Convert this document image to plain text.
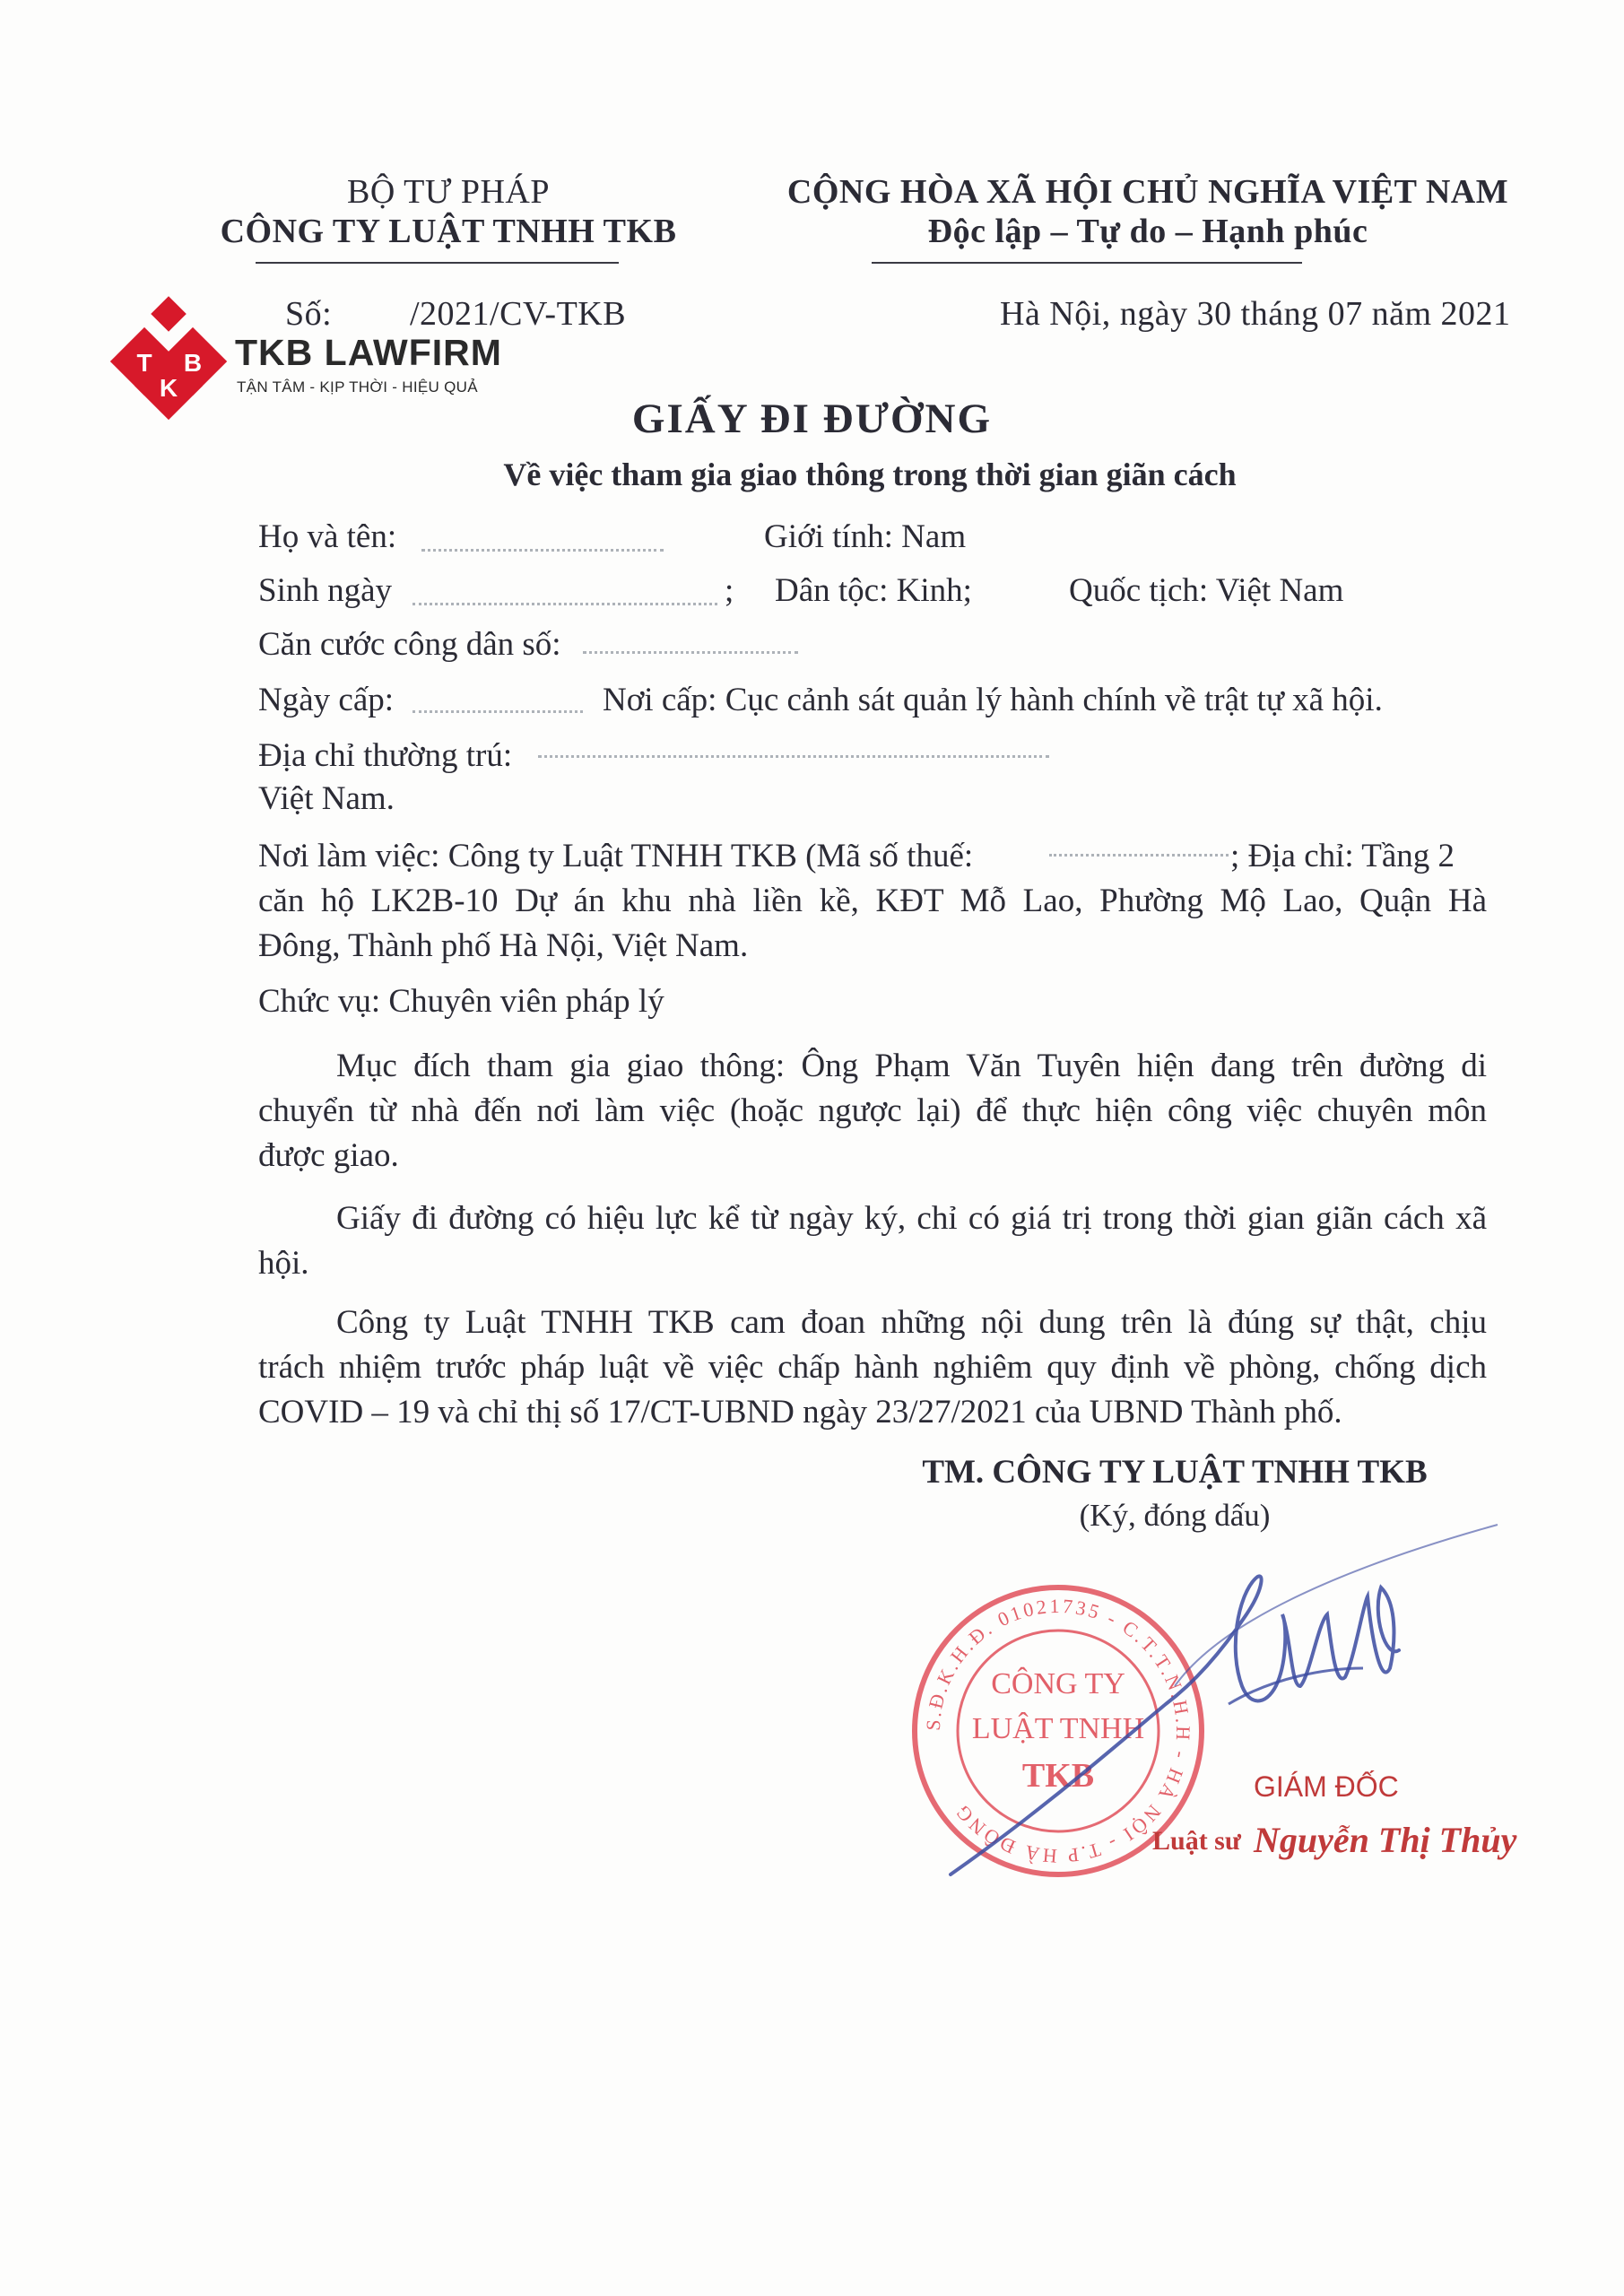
BỘ TƯ PHÁP
CÔNG TY LUẬT TNHH TKB
CỘNG HÒA XÃ HỘI CHỦ NGHĨA VIỆT NAM
Độc lập – Tự do – Hạnh phúc
Số: /2021/CV-TKB	Hà Nội, ngày 30 tháng 07 năm 2021
T B
K
TKB LAWFIRM
TẬN TÂM - KỊP THỜI - HIỆU QUẢ
GIẤY ĐI ĐƯỜNG
Về việc tham gia giao thông trong thời gian giãn cách
Họ và tên:	Giới tính: Nam
Sinh ngày	; Dân tộc: Kinh;	Quốc tịch: Việt Nam
Căn cước công dân số:
Ngày cấp:	Nơi cấp: Cục cảnh sát quản lý hành chính về trật tự xã hội.
Địa chỉ thường trú:
Việt Nam.
Nơi làm việc: Công ty Luật TNHH TKB (Mã số thuế:	; Địa chỉ: Tầng 2
căn hộ LK2B-10 Dự án khu nhà liền kề, KĐT Mỗ Lao, Phường Mộ Lao, Quận Hà
Đông, Thành phố Hà Nội, Việt Nam.
Chức vụ: Chuyên viên pháp lý
Mục đích tham gia giao thông: Ông Phạm Văn Tuyên hiện đang trên đường di
chuyển từ nhà đến nơi làm việc (hoặc ngược lại) để thực hiện công việc chuyên môn
được giao.
Giấy đi đường có hiệu lực kể từ ngày ký, chỉ có giá trị trong thời gian giãn cách xã
hội.
Công ty Luật TNHH TKB cam đoan những nội dung trên là đúng sự thật, chịu
trách nhiệm trước pháp luật về việc chấp hành nghiêm quy định về phòng, chống dịch
COVID – 19 và chỉ thị số 17/CT-UBND ngày 23/27/2021 của UBND Thành phố.
TM. CÔNG TY LUẬT TNHH TKB
(Ký, đóng dấu)
S.Đ.K.H.Đ. 01021735 - C.T.T.N.H.H - HÀ NỘI - T.P HÀ ĐÔNG
CÔNG TY
LUẬT TNHH
TKB	GIÁM ĐỐC
Luật sư Nguyễn Thị Thủy
